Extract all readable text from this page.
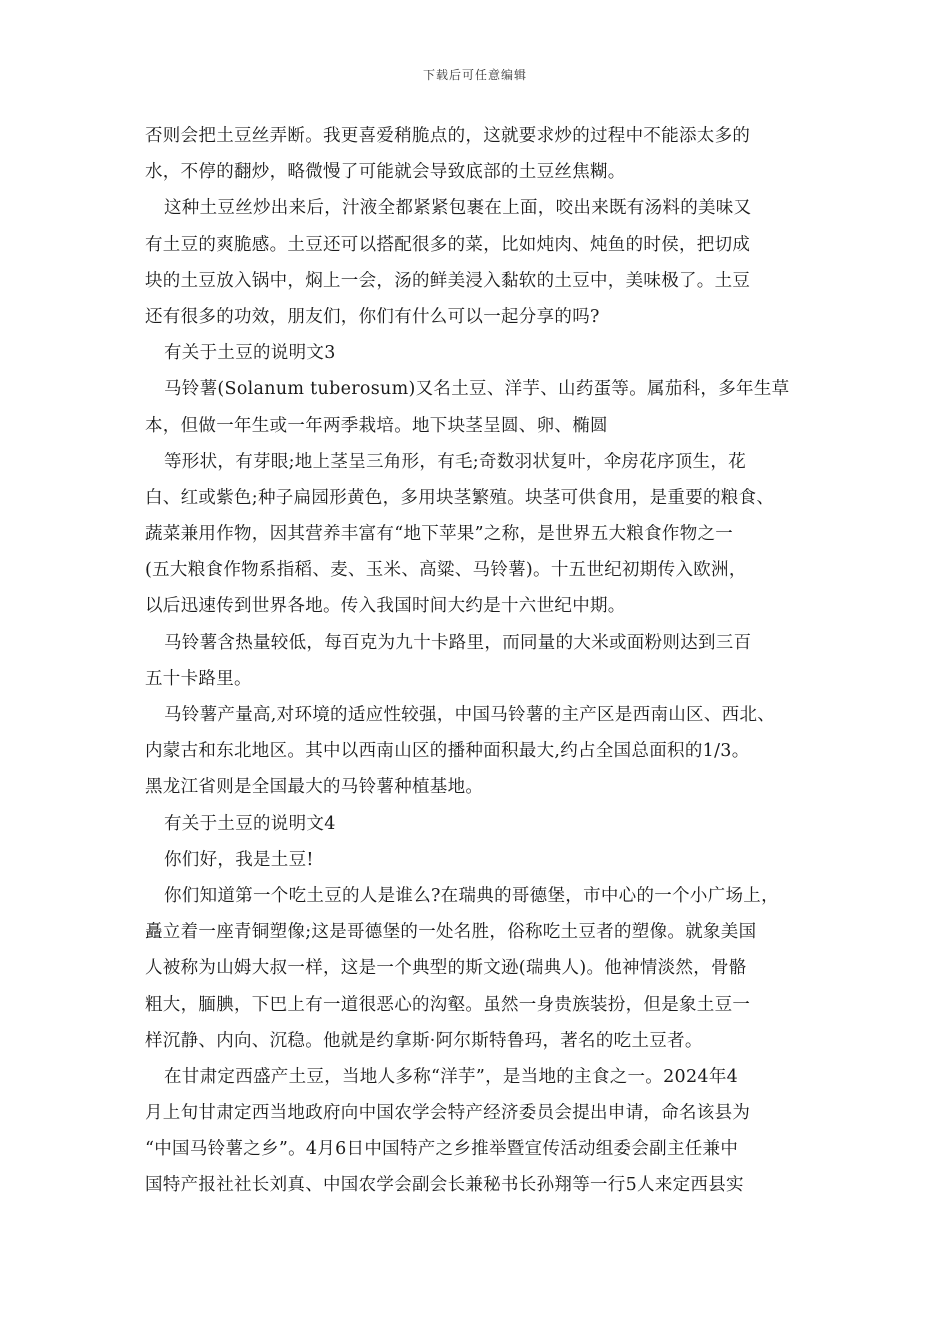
下载后可任意编辑
否则会把土豆丝弄断。我更喜爱稍脆点的，这就要求炒的过程中不能添太多的
水，不停的翻炒，略微慢了可能就会导致底部的土豆丝焦糊。
这种土豆丝炒出来后，汁液全都紧紧包裹在上面，咬出来既有汤料的美味又
有土豆的爽脆感。土豆还可以搭配很多的菜，比如炖肉、炖鱼的时侯，把切成
块的土豆放入锅中，焖上一会，汤的鲜美浸入黏软的土豆中，美味极了。土豆
还有很多的功效，朋友们，你们有什么可以一起分享的吗?
有关于土豆的说明文3
马铃薯(Solanum tuberosum)又名土豆、洋芋、山药蛋等。属茄科，多年生草
本，但做一年生或一年两季栽培。地下块茎呈圆、卵、椭圆
等形状，有芽眼;地上茎呈三角形，有毛;奇数羽状复叶，伞房花序顶生，花
白、红或紫色;种子扁园形黄色，多用块茎繁殖。块茎可供食用，是重要的粮食、
蔬菜兼用作物，因其营养丰富有“地下苹果”之称，是世界五大粮食作物之一
(五大粮食作物系指稻、麦、玉米、高粱、马铃薯)。十五世纪初期传入欧洲，
以后迅速传到世界各地。传入我国时间大约是十六世纪中期。
马铃薯含热量较低，每百克为九十卡路里，而同量的大米或面粉则达到三百
五十卡路里。
马铃薯产量高,对环境的适应性较强，中国马铃薯的主产区是西南山区、西北、
内蒙古和东北地区。其中以西南山区的播种面积最大,约占全国总面积的1/3。
黑龙江省则是全国最大的马铃薯种植基地。
有关于土豆的说明文4
你们好，我是土豆!
你们知道第一个吃土豆的人是谁么?在瑞典的哥德堡，市中心的一个小广场上，
矗立着一座青铜塑像;这是哥德堡的一处名胜，俗称吃土豆者的塑像。就象美国
人被称为山姆大叔一样，这是一个典型的斯文逊(瑞典人)。他神情淡然，骨骼
粗大，腼腆，下巴上有一道很恶心的沟壑。虽然一身贵族装扮，但是象土豆一
样沉静、内向、沉稳。他就是约拿斯·阿尔斯特鲁玛，著名的吃土豆者。
在甘肃定西盛产土豆，当地人多称“洋芋”，是当地的主食之一。2024年4
月上旬甘肃定西当地政府向中国农学会特产经济委员会提出申请，命名该县为
“中国马铃薯之乡”。4月6日中国特产之乡推举暨宣传活动组委会副主任兼中
国特产报社社长刘真、中国农学会副会长兼秘书长孙翔等一行5人来定西县实
